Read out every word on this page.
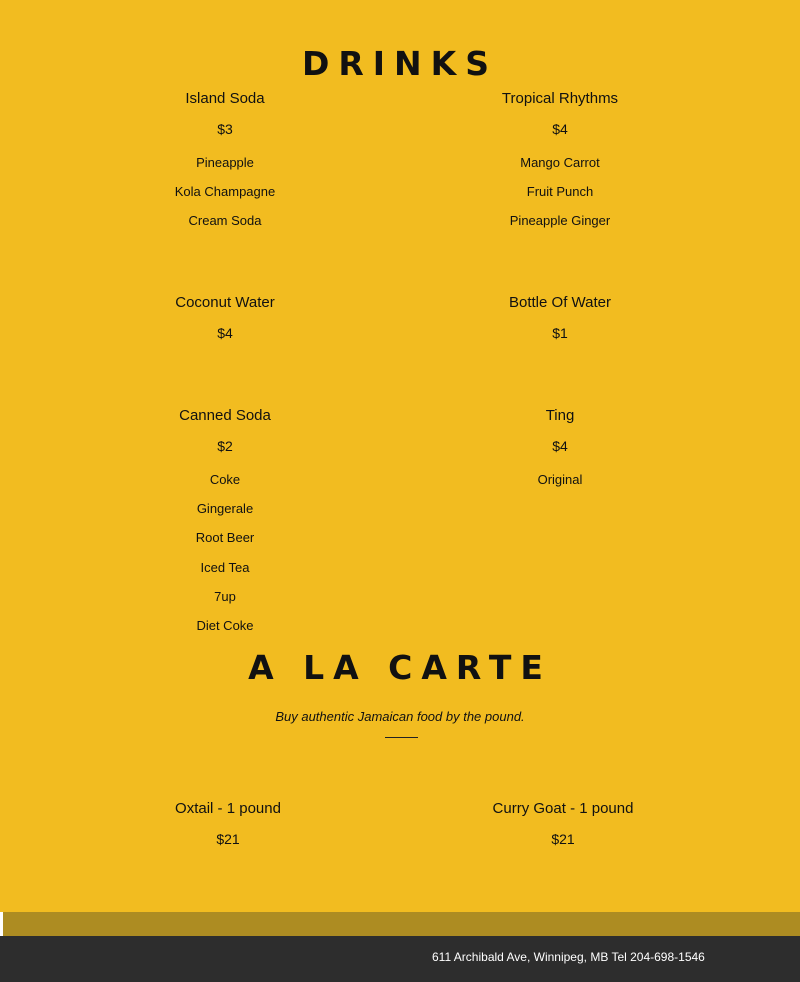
DRINKS
Island Soda
$3
Pineapple
Kola Champagne
Cream Soda
Tropical Rhythms
$4
Mango Carrot
Fruit Punch
Pineapple Ginger
Coconut Water
$4
Bottle Of Water
$1
Canned Soda
$2
Coke
Gingerale
Root Beer
Iced Tea
7up
Diet Coke
Ting
$4
Original
A LA CARTE
Buy authentic Jamaican food by the pound.
Oxtail - 1 pound
$21
Curry Goat - 1 pound
$21
611 Archibald Ave, Winnipeg, MB Tel 204-698-1546
